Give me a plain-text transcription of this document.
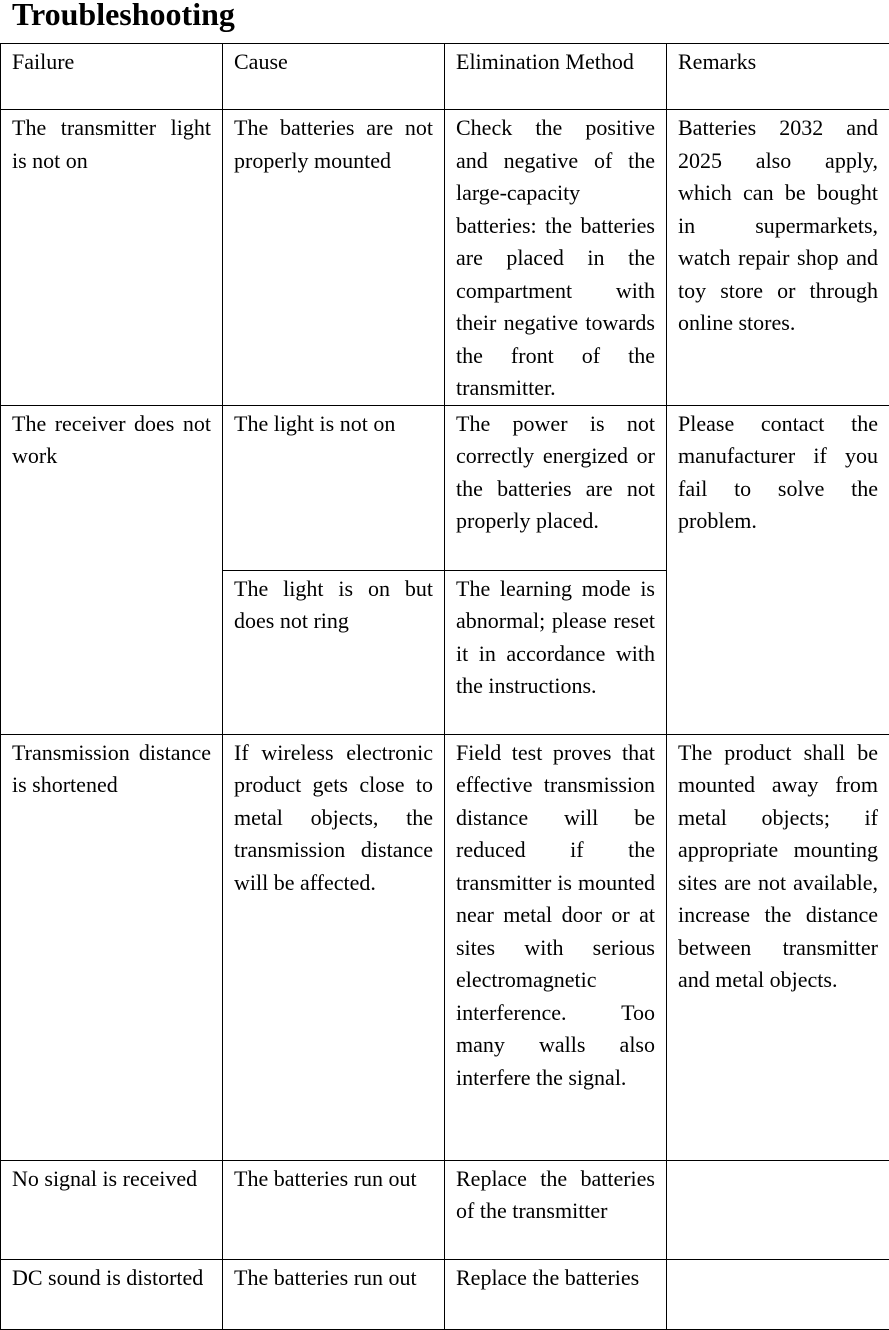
Troubleshooting
Failure	Cause	Elimination Method	Remarks
The transmitter light is not on	The batteries are not properly mounted	Check the positive and negative of the large-capacity batteries: the batteries are placed in the compartment with their negative towards the front of the transmitter.	Batteries 2032 and 2025 also apply, which can be bought in supermarkets, watch repair shop and toy store or through online stores.
The receiver does not work	The light is not on	The power is not correctly energized or the batteries are not properly placed.	Please contact the manufacturer if you fail to solve the problem.
	The light is on but does not ring	The learning mode is abnormal; please reset it in accordance with the instructions.	
Transmission distance is shortened	If wireless electronic product gets close to metal objects, the transmission distance will be affected.	Field test proves that effective transmission distance will be reduced if the transmitter is mounted near metal door or at sites with serious electromagnetic interference. Too many walls also interfere the signal.	The product shall be mounted away from metal objects; if appropriate mounting sites are not available, increase the distance between transmitter and metal objects.
No signal is received	The batteries run out	Replace the batteries of the transmitter	
DC sound is distorted	The batteries run out	Replace the batteries	
